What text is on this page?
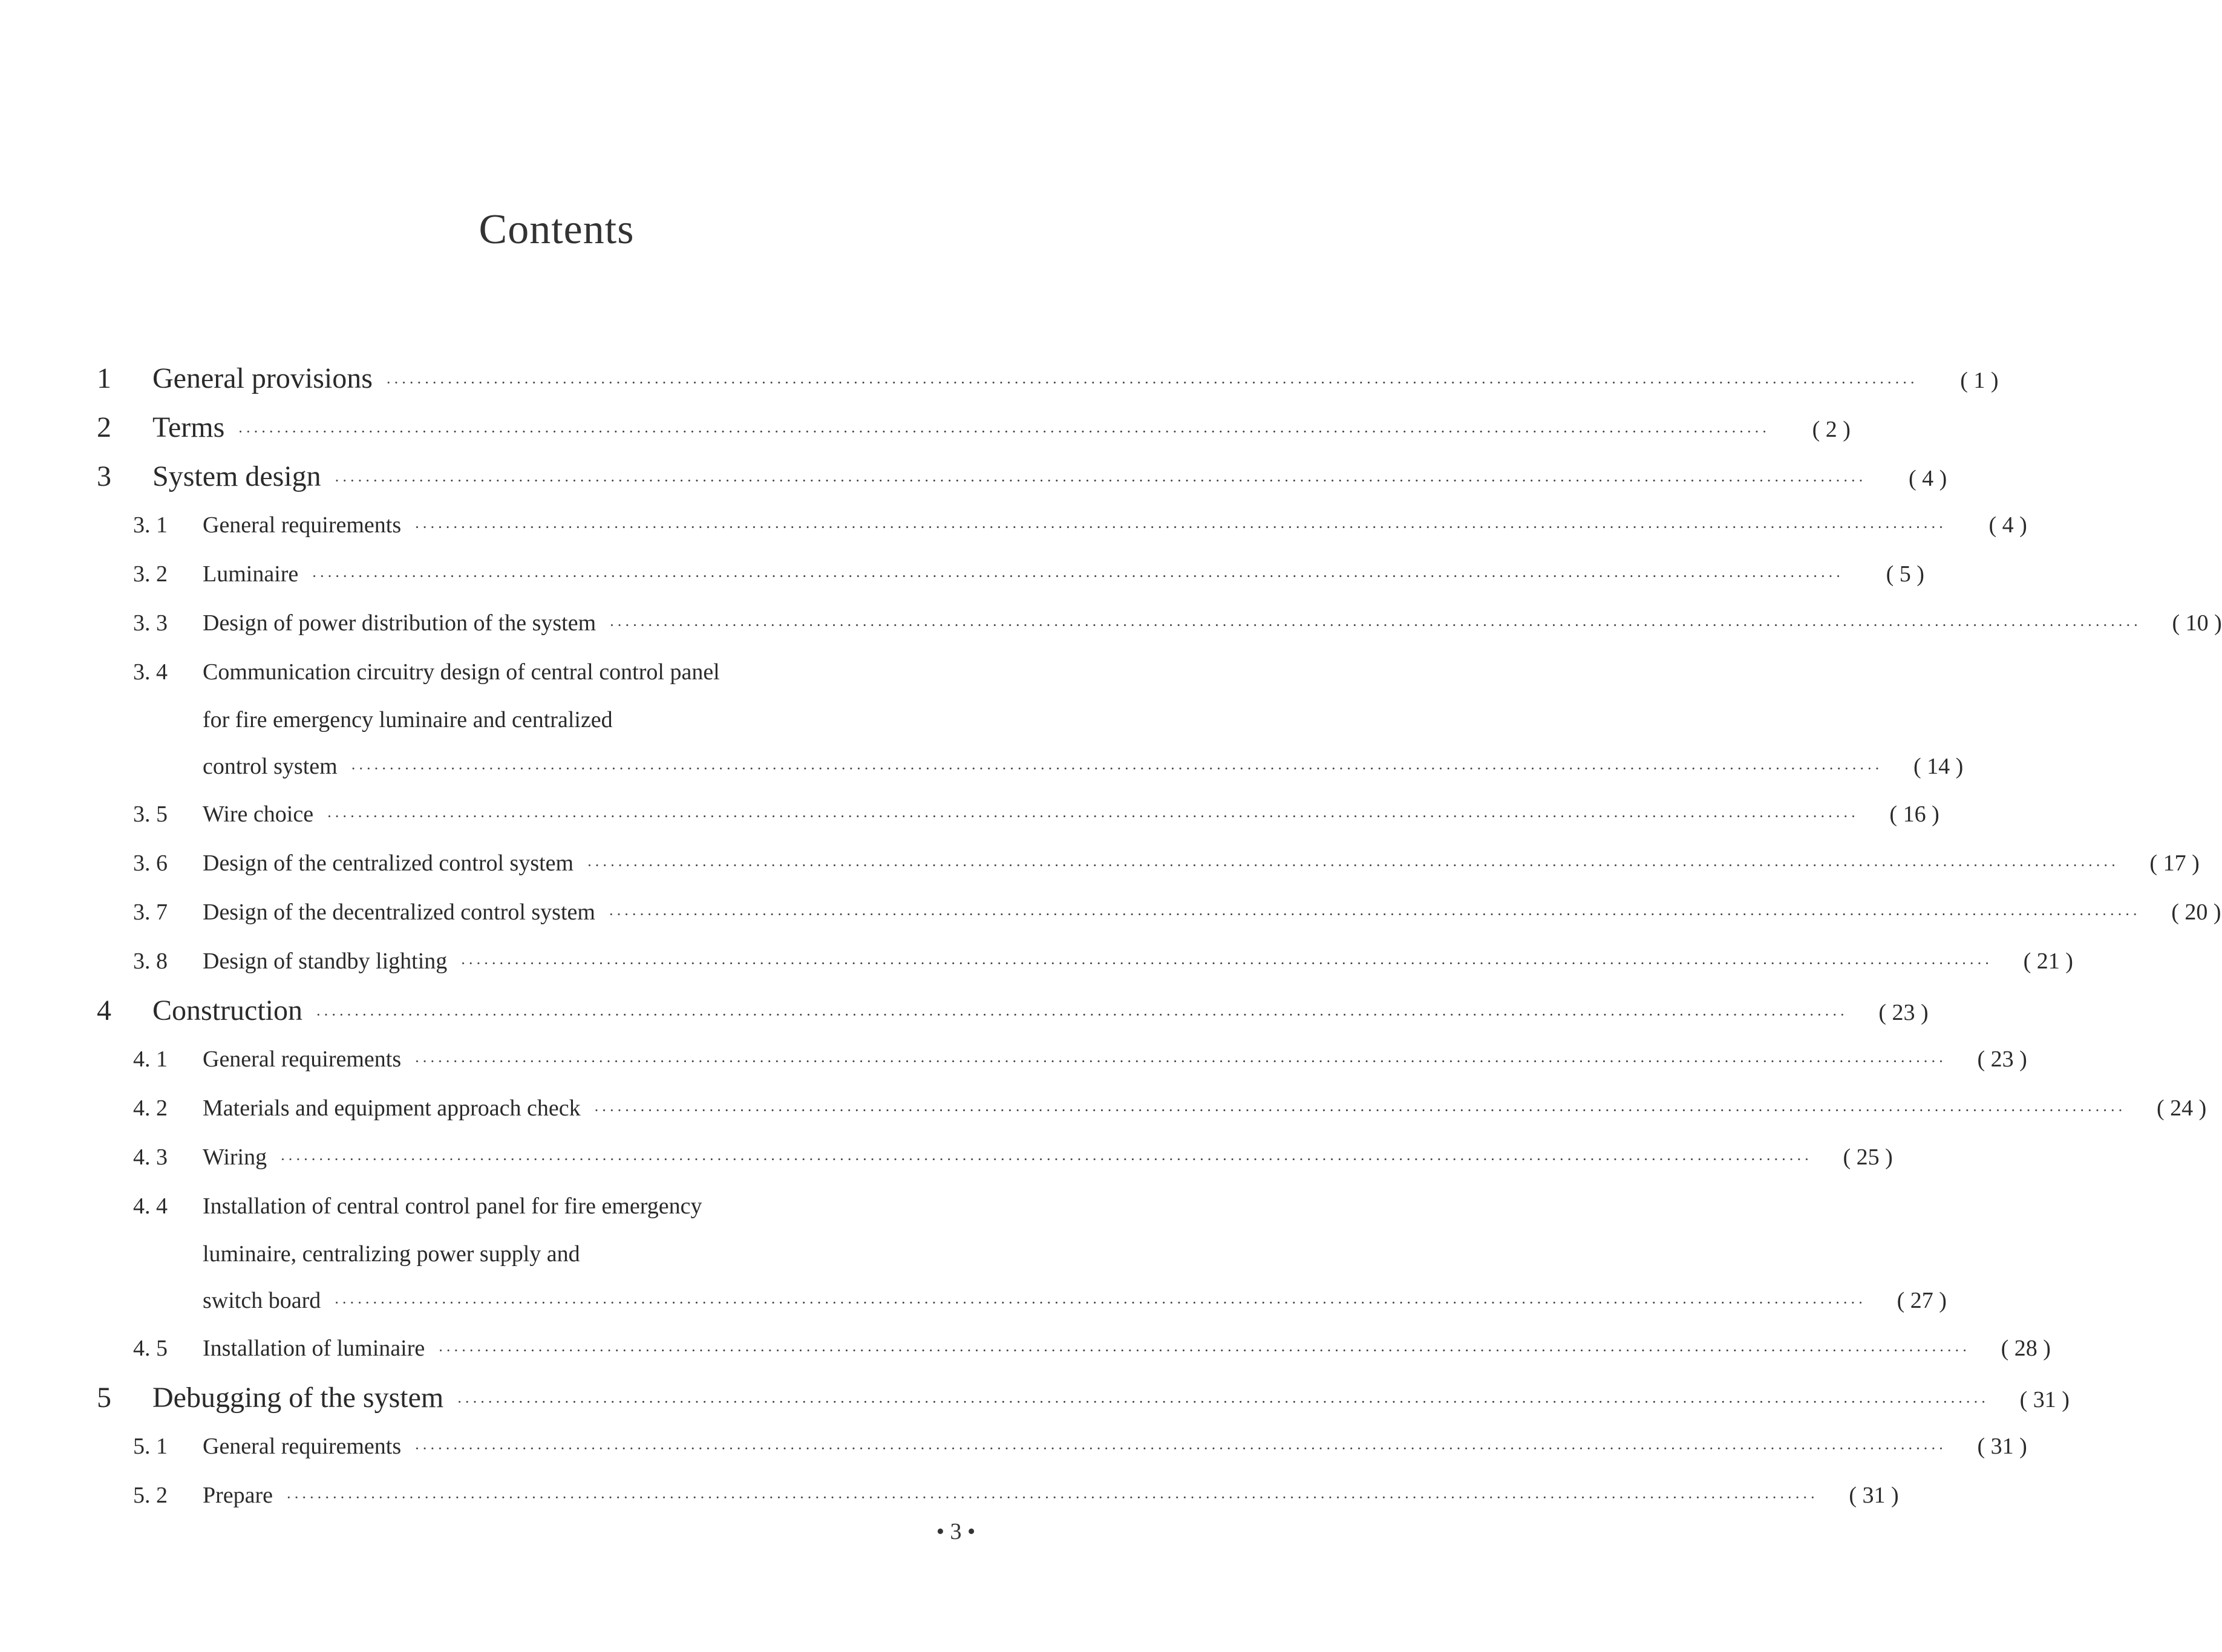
Contents
1	General provisions ········································································································································································································	( 1 )
2	Terms ········································································································································································································	( 2 )
3	System design ········································································································································································································	( 4 )
3. 1	General requirements ········································································································································································································	( 4 )
3. 2	Luminaire ········································································································································································································	( 5 )
3. 3	Design of power distribution of the system ········································································································································································································	( 10 )
3. 4	Communication circuitry design of central control panel
for fire emergency luminaire and centralized
control system ········································································································································································································	( 14 )
3. 5	Wire choice ········································································································································································································	( 16 )
3. 6	Design of the centralized control system ········································································································································································································	( 17 )
3. 7	Design of the decentralized control system ········································································································································································································	( 20 )
3. 8	Design of standby lighting ········································································································································································································	( 21 )
4	Construction ········································································································································································································	( 23 )
4. 1	General requirements ········································································································································································································	( 23 )
4. 2	Materials and equipment approach check ········································································································································································································	( 24 )
4. 3	Wiring ········································································································································································································	( 25 )
4. 4	Installation of central control panel for fire emergency
luminaire, centralizing power supply and
switch board ········································································································································································································	( 27 )
4. 5	Installation of luminaire ········································································································································································································	( 28 )
5	Debugging of the system ········································································································································································································	( 31 )
5. 1	General requirements ········································································································································································································	( 31 )
5. 2	Prepare ········································································································································································································	( 31 )
• 3 •
